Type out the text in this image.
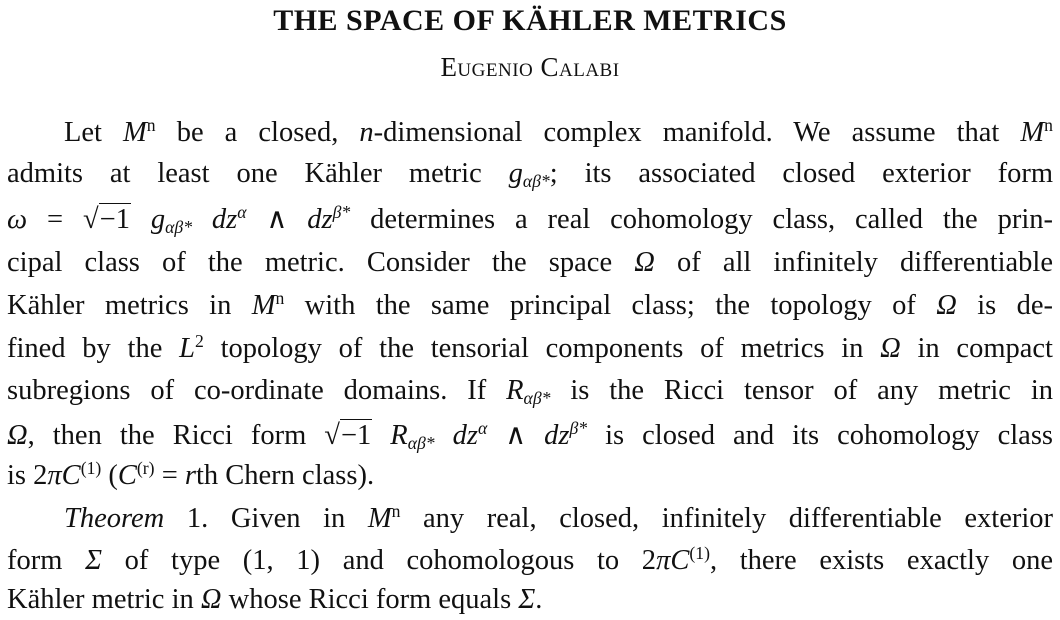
THE SPACE OF KÄHLER METRICS
Eugenio Calabi
Let $M^n$ be a closed, n-dimensional complex manifold. We assume that $M^n$
admits at least one Kähler metric $g_{\alpha\beta*}$; its associated closed exterior form
ω = √−1 $g_{\alpha\beta*}$ $dz^\alpha$ ∧ $dz^{\beta*}$ determines a real cohomology class, called the prin-
cipal class of the metric. Consider the space Ω of all infinitely differentiable
Kähler metrics in $M^n$ with the same principal class; the topology of Ω is de-
fined by the $L^2$ topology of the tensorial components of metrics in Ω in compact
subregions of co-ordinate domains. If $R_{\alpha\beta*}$ is the Ricci tensor of any metric in
Ω, then the Ricci form √−1 $R_{\alpha\beta*}$ $dz^\alpha$ ∧ $dz^{\beta*}$ is closed and its cohomology class
is $2\pi C^{(1)}$ ($C^{(r)}$ = rth Chern class).
Theorem 1. Given in $M^n$ any real, closed, infinitely differentiable exterior
form Σ of type (1, 1) and cohomologous to $2\pi C^{(1)}$, there exists exactly one
Kähler metric in Ω whose Ricci form equals Σ.
